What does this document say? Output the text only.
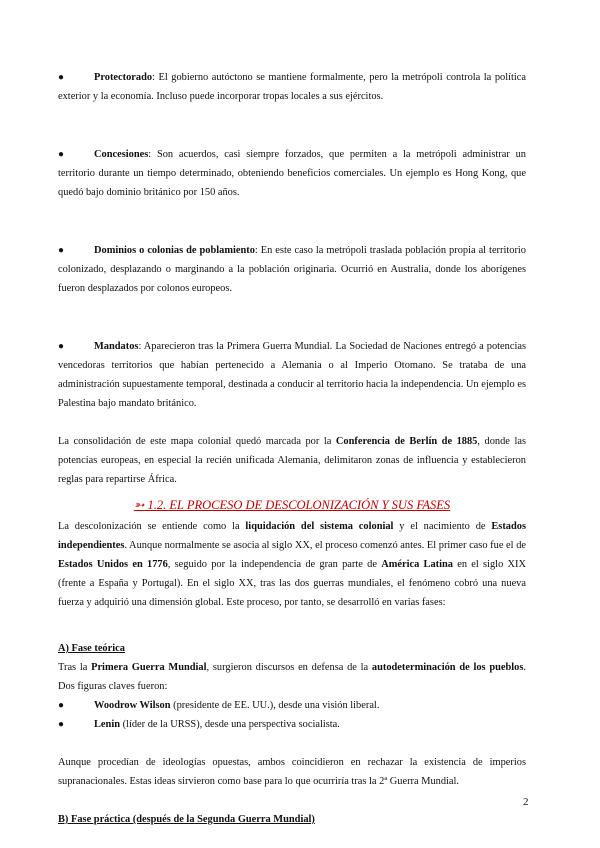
●	Protectorado: El gobierno autóctono se mantiene formalmente, pero la metrópoli controla la política exterior y la economía. Incluso puede incorporar tropas locales a sus ejércitos.

●	Concesiones: Son acuerdos, casi siempre forzados, que permiten a la metrópoli administrar un territorio durante un tiempo determinado, obteniendo beneficios comerciales. Un ejemplo es Hong Kong, que quedó bajo dominio británico por 150 años.

●	Dominios o colonias de poblamiento: En este caso la metrópoli traslada población propia al territorio colonizado, desplazando o marginando a la población originaria. Ocurrió en Australia, donde los aborígenes fueron desplazados por colonos europeos.

●	Mandatos: Aparecieron tras la Primera Guerra Mundial. La Sociedad de Naciones entregó a potencias vencedoras territorios que habían pertenecido a Alemania o al Imperio Otomano. Se trataba de una administración supuestamente temporal, destinada a conducir al territorio hacia la independencia. Un ejemplo es Palestina bajo mandato británico.

La consolidación de este mapa colonial quedó marcada por la Conferencia de Berlín de 1885, donde las potencias europeas, en especial la recién unificada Alemania, delimitaron zonas de influencia y establecieron reglas para repartirse África.

➳ 1.2. EL PROCESO DE DESCOLONIZACIÓN Y SUS FASES

La descolonización se entiende como la liquidación del sistema colonial y el nacimiento de Estados independientes. Aunque normalmente se asocia al siglo XX, el proceso comenzó antes. El primer caso fue el de Estados Unidos en 1776, seguido por la independencia de gran parte de América Latina en el siglo XIX (frente a España y Portugal). En el siglo XX, tras las dos guerras mundiales, el fenómeno cobró una nueva fuerza y adquirió una dimensión global. Este proceso, por tanto, se desarrolló en varias fases:

A) Fase teórica

Tras la Primera Guerra Mundial, surgieron discursos en defensa de la autodeterminación de los pueblos. Dos figuras claves fueron:

●	Woodrow Wilson (presidente de EE. UU.), desde una visión liberal.

●	Lenin (líder de la URSS), desde una perspectiva socialista.

Aunque procedían de ideologías opuestas, ambos coincidieron en rechazar la existencia de imperios supranacionales. Estas ideas sirvieron como base para lo que ocurriría tras la 2ª Guerra Mundial.

B) Fase práctica (después de la Segunda Guerra Mundial)

2
